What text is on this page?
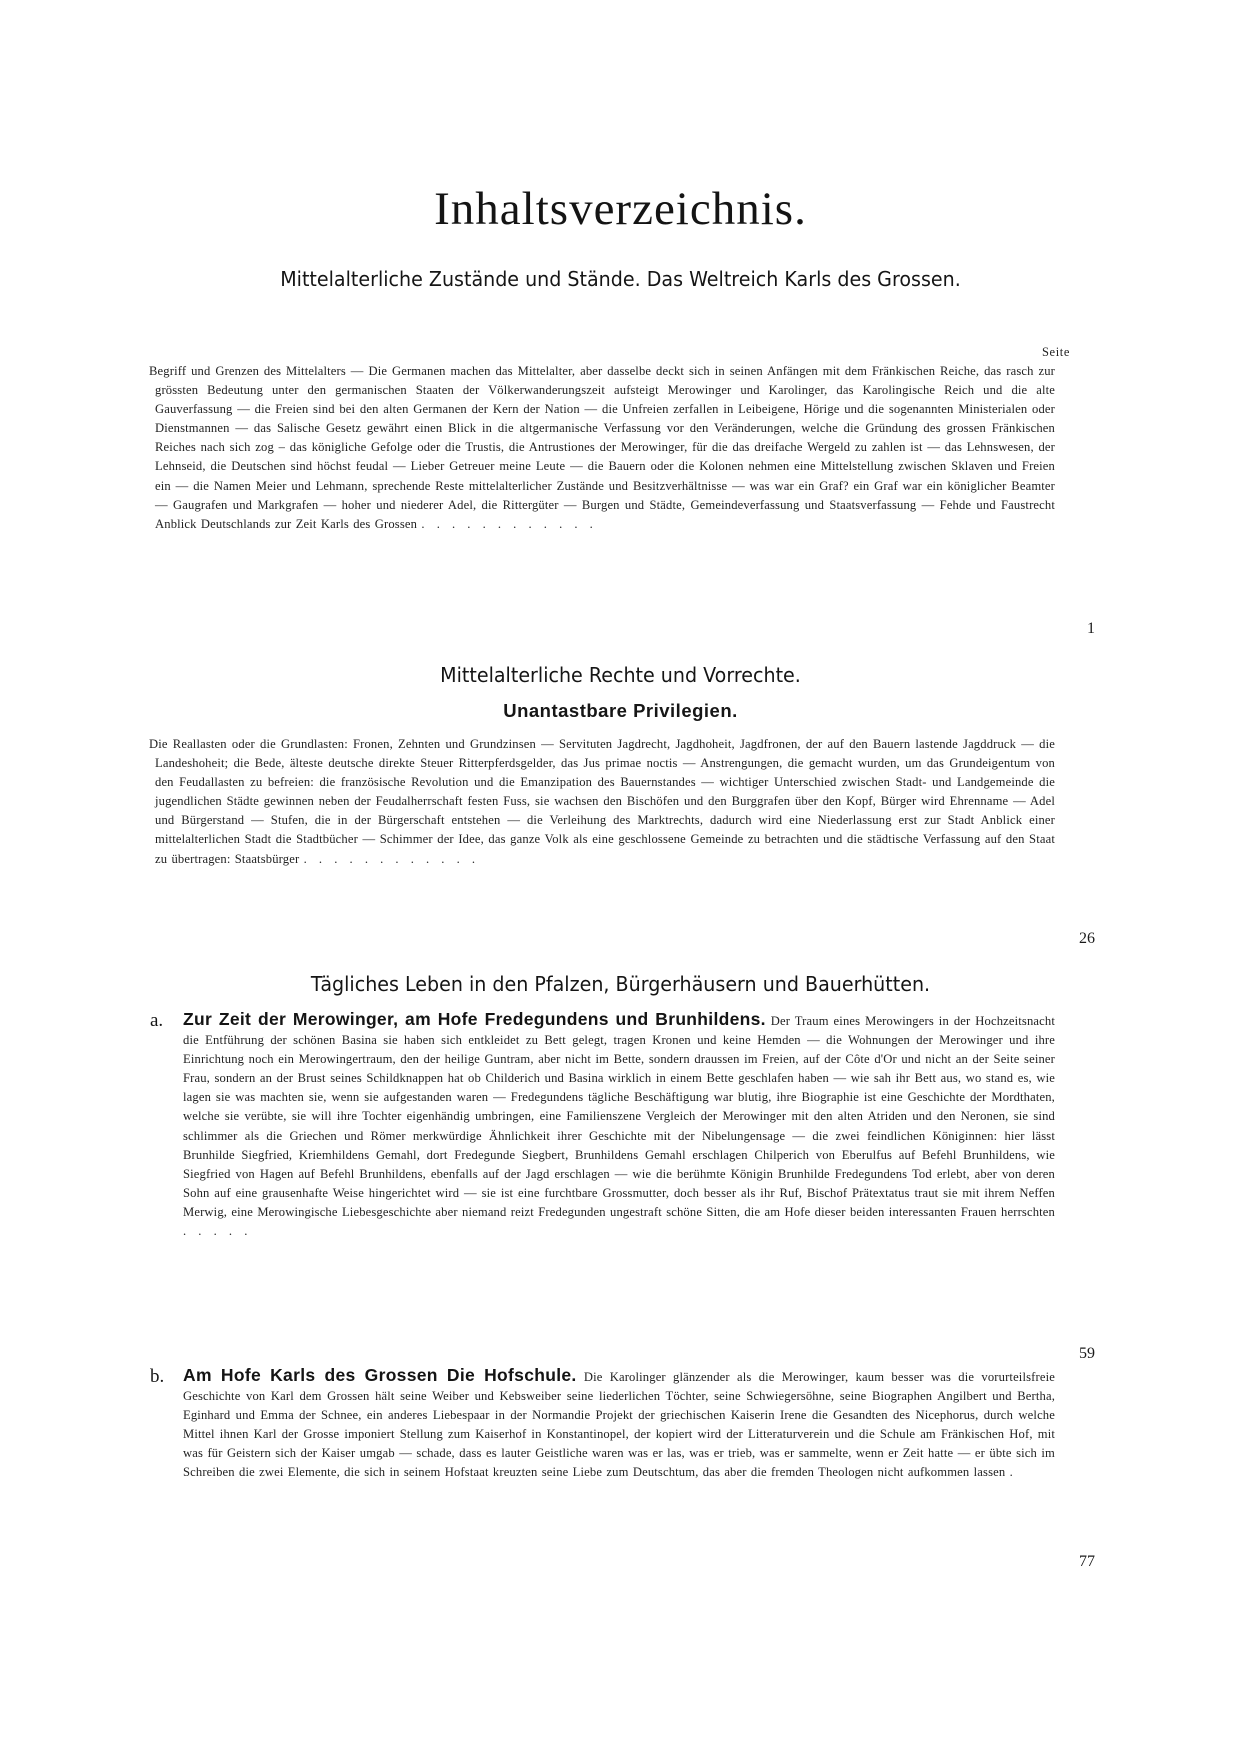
Inhaltsverzeichnis.
Mittelalterliche Zustände und Stände. Das Weltreich Karls des Grossen.
Seite

Begriff und Grenzen des Mittelalters — Die Germanen machen das Mittelalter, aber dasselbe deckt sich in seinen Anfängen mit dem Fränkischen Reiche, das rasch zur grössten Bedeutung unter den germanischen Staaten der Völkerwanderungszeit aufsteigt Merowinger und Karolinger, das Karolingische Reich und die alte Gauverfassung — die Freien sind bei den alten Germanen der Kern der Nation — die Unfreien zerfallen in Leibeigene, Hörige und die sogenannten Ministerialen oder Dienstmannen — das Salische Gesetz gewährt einen Blick in die altgermanische Verfassung vor den Veränderungen, welche die Gründung des grossen Fränkischen Reiches nach sich zog – das königliche Gefolge oder die Trustis, die Antrustiones der Merowinger, für die das dreifache Wergeld zu zahlen ist — das Lehnswesen, der Lehnseid, die Deutschen sind höchst feudal — Lieber Getreuer meine Leute — die Bauern oder die Kolonen nehmen eine Mittelstellung zwischen Sklaven und Freien ein — die Namen Meier und Lehmann, sprechende Reste mittelalterlicher Zustände und Besitzverhältnisse — was war ein Graf? ein Graf war ein königlicher Beamter — Gaugrafen und Markgrafen — hoher und niederer Adel, die Rittergüter — Burgen und Städte, Gemeindeverfassung und Staatsverfassung — Fehde und Faustrecht Anblick Deutschlands zur Zeit Karls des Grossen . . . . . . . . . . . .

1
Mittelalterliche Rechte und Vorrechte.
Unantastbare Privilegien.

Die Reallasten oder die Grundlasten: Fronen, Zehnten und Grundzinsen — Servituten Jagdrecht, Jagdhoheit, Jagdfronen, der auf den Bauern lastende Jagddruck — die Landeshoheit; die Bede, älteste deutsche direkte Steuer Ritterpferdsgelder, das Jus primae noctis — Anstrengungen, die gemacht wurden, um das Grundeigentum von den Feudallasten zu befreien: die französische Revolution und die Emanzipation des Bauernstandes — wichtiger Unterschied zwischen Stadt- und Landgemeinde die jugendlichen Städte gewinnen neben der Feudalherrschaft festen Fuss, sie wachsen den Bischöfen und den Burggrafen über den Kopf, Bürger wird Ehrenname — Adel und Bürgerstand — Stufen, die in der Bürgerschaft entstehen — die Verleihung des Marktrechts, dadurch wird eine Niederlassung erst zur Stadt Anblick einer mittelalterlichen Stadt die Stadtbücher — Schimmer der Idee, das ganze Volk als eine geschlossene Gemeinde zu betrachten und die städtische Verfassung auf den Staat zu übertragen: Staatsbürger . . . . . . . . . . . .

26
Tägliches Leben in den Pfalzen, Bürgerhäusern und Bauerhütten.
a. Zur Zeit der Merowinger, am Hofe Fredegundens und Brunhildens. Der Traum eines Merowingers in der Hochzeitsnacht die Entführung der schönen Basina sie haben sich entkleidet zu Bett gelegt, tragen Kronen und keine Hemden — die Wohnungen der Merowinger und ihre Einrichtung noch ein Merowingertraum, den der heilige Guntram, aber nicht im Bette, sondern draussen im Freien, auf der Côte d'Or und nicht an der Seite seiner Frau, sondern an der Brust seines Schildknappen hat ob Childerich und Basina wirklich in einem Bette geschlafen haben — wie sah ihr Bett aus, wo stand es, wie lagen sie was machten sie, wenn sie aufgestanden waren — Fredegundens tägliche Beschäftigung war blutig, ihre Biographie ist eine Geschichte der Mordthaten, welche sie verübte, sie will ihre Tochter eigenhändig umbringen, eine Familienszene Vergleich der Merowinger mit den alten Atriden und den Neronen, sie sind schlimmer als die Griechen und Römer merkwürdige Ähnlichkeit ihrer Geschichte mit der Nibelungensage — die zwei feindlichen Königinnen: hier lässt Brunhilde Siegfried, Kriemhildens Gemahl, dort Fredegunde Siegbert, Brunhildens Gemahl erschlagen Chilperich von Eberulfus auf Befehl Brunhildens, wie Siegfried von Hagen auf Befehl Brunhildens, ebenfalls auf der Jagd erschlagen — wie die berühmte Königin Brunhilde Fredegundens Tod erlebt, aber von deren Sohn auf eine grausenhafte Weise hingerichtet wird — sie ist eine furchtbare Grossmutter, doch besser als ihr Ruf, Bischof Prätextatus traut sie mit ihrem Neffen Merwig, eine Merowingische Liebesgeschichte aber niemand reizt Fredegunden ungestraft schöne Sitten, die am Hofe dieser beiden interessanten Frauen herrschten . . . . .

59
b. Am Hofe Karls des Grossen Die Hofschule. Die Karolinger glänzender als die Merowinger, kaum besser was die vorurteilsfreie Geschichte von Karl dem Grossen hält seine Weiber und Kebsweiber seine liederlichen Töchter, seine Schwiegersöhne, seine Biographen Angilbert und Bertha, Eginhard und Emma der Schnee, ein anderes Liebespaar in der Normandie Projekt der griechischen Kaiserin Irene die Gesandten des Nicephorus, durch welche Mittel ihnen Karl der Grosse imponiert Stellung zum Kaiserhof in Konstantinopel, der kopiert wird der Litteraturverein und die Schule am Fränkischen Hof, mit was für Geistern sich der Kaiser umgab — schade, dass es lauter Geistliche waren was er las, was er trieb, was er sammelte, wenn er Zeit hatte — er übte sich im Schreiben die zwei Elemente, die sich in seinem Hofstaat kreuzten seine Liebe zum Deutschtum, das aber die fremden Theologen nicht aufkommen lassen .

77
